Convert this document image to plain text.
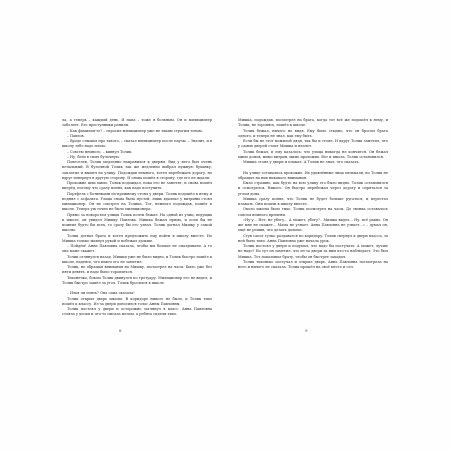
ла, а теперь – каждый день. И папа – тоже я больным. Он и милиционер заболеет. Его преступники ранили.

– Как фамилия-то? – спросил милиционер уже не таким строгим тоном.

– Павлов.

– Вроде слышал про такого, – сказал милиционер после паузы. – Значит, и в школу тебе надо плохо.

– Совсем немного, – кивнул Толик.

– Ну, беги в свою булочную.

Повеселев, Толик медленно направился к дверям. Вид у него был очень печальный. В булочной Толик так же медленно выбрал нужную буханку, заплатил и вышел на улицу. Подождав немного, хотел перебежать дорогу, но вдруг повернул в другую сторону. И снова пошёл в сторону, где его не ждали.

Прохожие шли мимо. Толик подождал, пока его не заметят, и снова пошёл вперёд, потому что сразу понял, как надо поступить.

Портфель с ботинками по-прежнему стоял у двери. Толик подошёл к нему и поднял с асфальта. Улица снова была пустой, лишь вдалеке у витрины стоял милиционер. Он не смотрел на Толика. Тот, немного подождав, пошёл к школе. Теперь уж точно не было милиционера.

Прямо за поворотом улицы Толик почти бежал. На одной из улиц, ведущих к школе, он увидел Мишку Павлова. Мишка бежал прямо, и если бы не помнил будто бы всех, то сразу бы его узнал. Толик догнал Мишку у самой школы.

Толик догнал брата и хотел предложить ему пойти в школу вместе. Но Мишка только махнул рукой и побежал дальше.

– Пойдём! Анна Павловна сказала, чтобы мы больше не опаздывали. А то она маме скажет.

Толик оглянулся назад. Мишки уже не было видно, и Толик быстро пошёл к школе, надеясь, что никто его не заметил.

Толик, не обращая внимания на Мишку, посмотрел на часы. Было уже без пяти девять, и надо было торопиться.

Тихонечко, боком Толик двинулся по тротуару. Милиционер его не видел, и Толик быстро зашёл за угол. Толик бросился к школе.

– Илья ли опять? Она сама сказала!

Толик открыл дверь школы. В коридоре никого не было, и Толик тихо пошёл к классу. Из-за двери доносился голос Анны Павловны.

Толик постоял у двери и осторожно заглянул в класс. Анна Павловна стояла у доски и что-то писала мелом, а ребята сидели тихо.

8

Мишка, подождав, посмотрел на брата, когда тот всё же подошёл к нему, и Толик, не торопясь, пошёл к школе.

Толик бежал, ничего не видя. Ему было стыдно, что он бросил брата одного, и теперь не знал, как ему быть.

Если бы не этот пожилой дядя, так бы и стоял. И вдруг Толик заметил, что у самых дверей стоит Мишка и плачет.

Толик бежал, и ему казалось, что улица никогда не кончится. Он бежал мимо домов, мимо витрин, мимо прохожих. Вот и школа. Толик остановился.

Мишка стоял у двери и плакал. А Толик не знал, что сказать.

На улице оставались прохожие. Их удивлённые лица мелькали, но Толик не обращал на них никакого внимания.

Было страшно, как будто на всю улицу его было видно. Толик остановился и осмотрелся. Никого. Он быстро перебежал через дорогу и спрятался за углом дома.

Мишка сразу понял, что Толик не будет больше ругаться, и перестал плакать. Они пошли в школу вместе.

Около школы было тихо. Толик посмотрел на часы. До звонка оставалось совсем немного времени.

«Ну-у... Нет, не убегу... А может, убегу?.. Мишка видел... Ну, всё равно. Он же мне не скажет... Мама не узнает. Анна Павловна не узнает...» – думал он, ещё не решив, что делать дальше.

Стук сапог гулко раздавался по коридору. Толик свернул к двери класса, за ней было тихо. Анна Павловна уже начала урок.

Толик постоял у двери и подумал, что надо бы постучать. А может, лучше не надо? Но тут он заметил, что из-за двери за ним кто-то наблюдает. Это был Мишка. Тот показывал брату, чтобы он быстрее заходил.

Толик тихонько постучал и открыл дверь. Анна Павловна посмотрела на него и ничего не сказала. Толик прошёл на своё место и сел.

9
